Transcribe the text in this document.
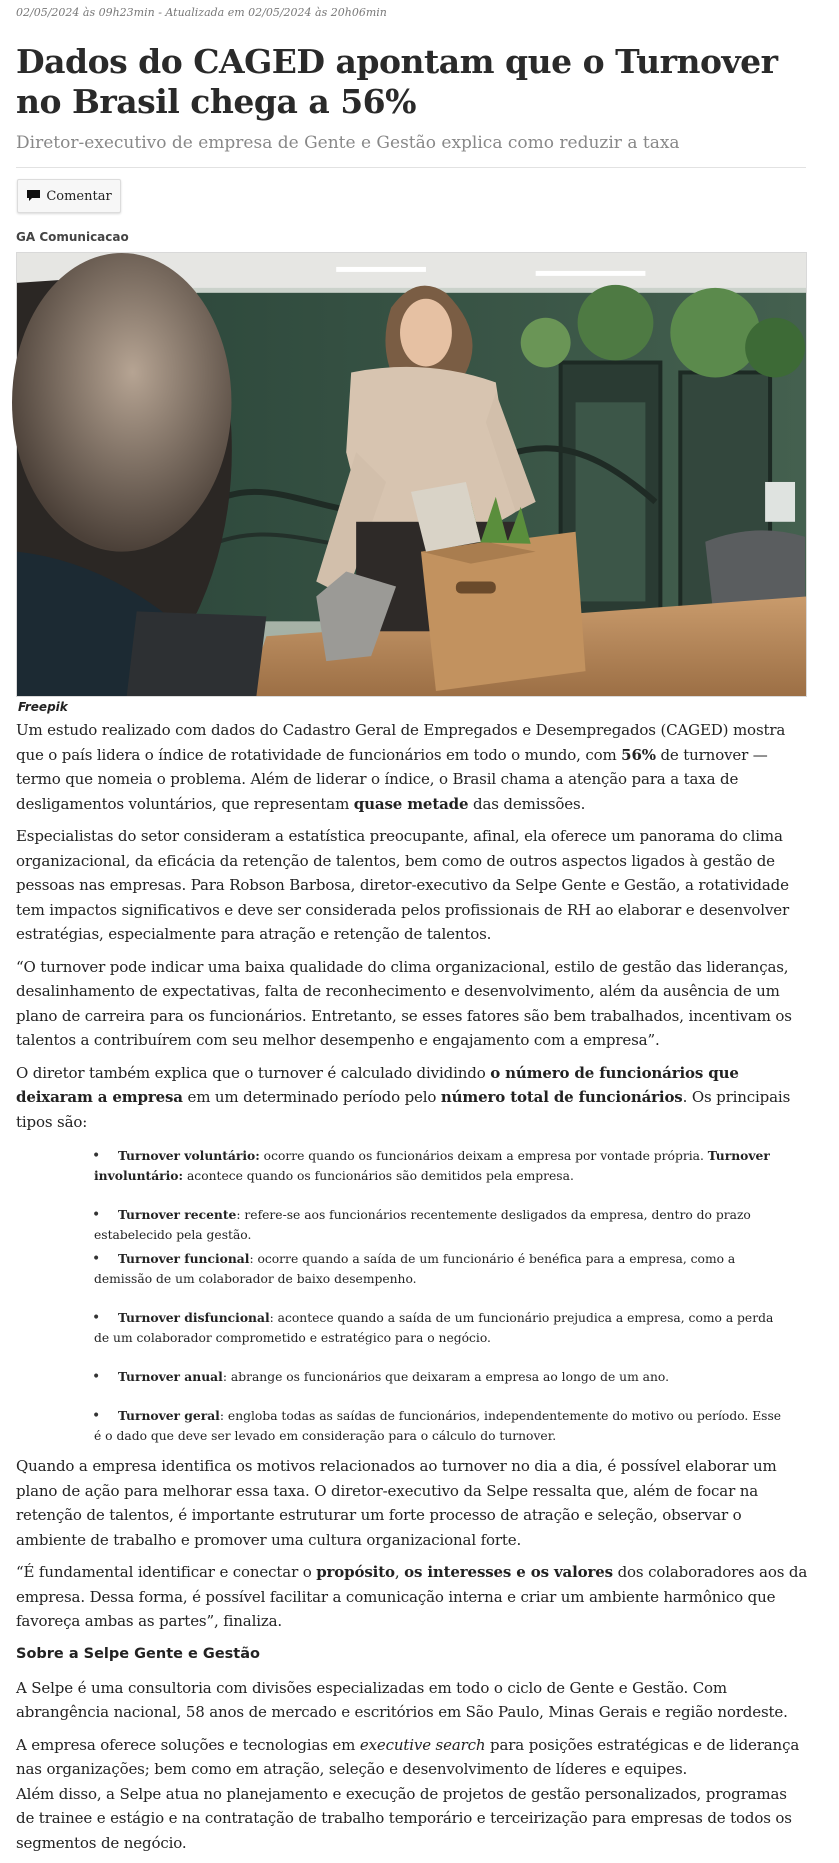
02/05/2024 às 09h23min - Atualizada em 02/05/2024 às 20h06min
Dados do CAGED apontam que o Turnover no Brasil chega a 56%
Diretor-executivo de empresa de Gente e Gestão explica como reduzir a taxa
Comentar
GA Comunicacao
Freepik

Um estudo realizado com dados do Cadastro Geral de Empregados e Desempregados (CAGED) mostra que o país lidera o índice de rotatividade de funcionários em todo o mundo, com 56% de turnover — termo que nomeia o problema. Além de liderar o índice, o Brasil chama a atenção para a taxa de desligamentos voluntários, que representam quase metade das demissões.

Especialistas do setor consideram a estatística preocupante, afinal, ela oferece um panorama do clima organizacional, da eficácia da retenção de talentos, bem como de outros aspectos ligados à gestão de pessoas nas empresas. Para Robson Barbosa, diretor-executivo da Selpe Gente e Gestão, a rotatividade tem impactos significativos e deve ser considerada pelos profissionais de RH ao elaborar e desenvolver estratégias, especialmente para atração e retenção de talentos.

“O turnover pode indicar uma baixa qualidade do clima organizacional, estilo de gestão das lideranças, desalinhamento de expectativas, falta de reconhecimento e desenvolvimento, além da ausência de um plano de carreira para os funcionários. Entretanto, se esses fatores são bem trabalhados, incentivam os talentos a contribuírem com seu melhor desempenho e engajamento com a empresa”.

O diretor também explica que o turnover é calculado dividindo o número de funcionários que deixaram a empresa em um determinado período pelo número total de funcionários. Os principais tipos são:

• Turnover voluntário: ocorre quando os funcionários deixam a empresa por vontade própria. Turnover involuntário: acontece quando os funcionários são demitidos pela empresa.
• Turnover recente: refere-se aos funcionários recentemente desligados da empresa, dentro do prazo estabelecido pela gestão.
• Turnover funcional: ocorre quando a saída de um funcionário é benéfica para a empresa, como a demissão de um colaborador de baixo desempenho.
• Turnover disfuncional: acontece quando a saída de um funcionário prejudica a empresa, como a perda de um colaborador comprometido e estratégico para o negócio.
• Turnover anual: abrange os funcionários que deixaram a empresa ao longo de um ano.
• Turnover geral: engloba todas as saídas de funcionários, independentemente do motivo ou período. Esse é o dado que deve ser levado em consideração para o cálculo do turnover.

Quando a empresa identifica os motivos relacionados ao turnover no dia a dia, é possível elaborar um plano de ação para melhorar essa taxa. O diretor-executivo da Selpe ressalta que, além de focar na retenção de talentos, é importante estruturar um forte processo de atração e seleção, observar o ambiente de trabalho e promover uma cultura organizacional forte.

“É fundamental identificar e conectar o propósito, os interesses e os valores dos colaboradores aos da empresa. Dessa forma, é possível facilitar a comunicação interna e criar um ambiente harmônico que favoreça ambas as partes”, finaliza.

Sobre a Selpe Gente e Gestão

A Selpe é uma consultoria com divisões especializadas em todo o ciclo de Gente e Gestão. Com abrangência nacional, 58 anos de mercado e escritórios em São Paulo, Minas Gerais e região nordeste.

A empresa oferece soluções e tecnologias em executive search para posições estratégicas e de liderança nas organizações; bem como em atração, seleção e desenvolvimento de líderes e equipes.

Além disso, a Selpe atua no planejamento e execução de projetos de gestão personalizados, programas de trainee e estágio e na contratação de trabalho temporário e terceirização para empresas de todos os segmentos de negócio.
